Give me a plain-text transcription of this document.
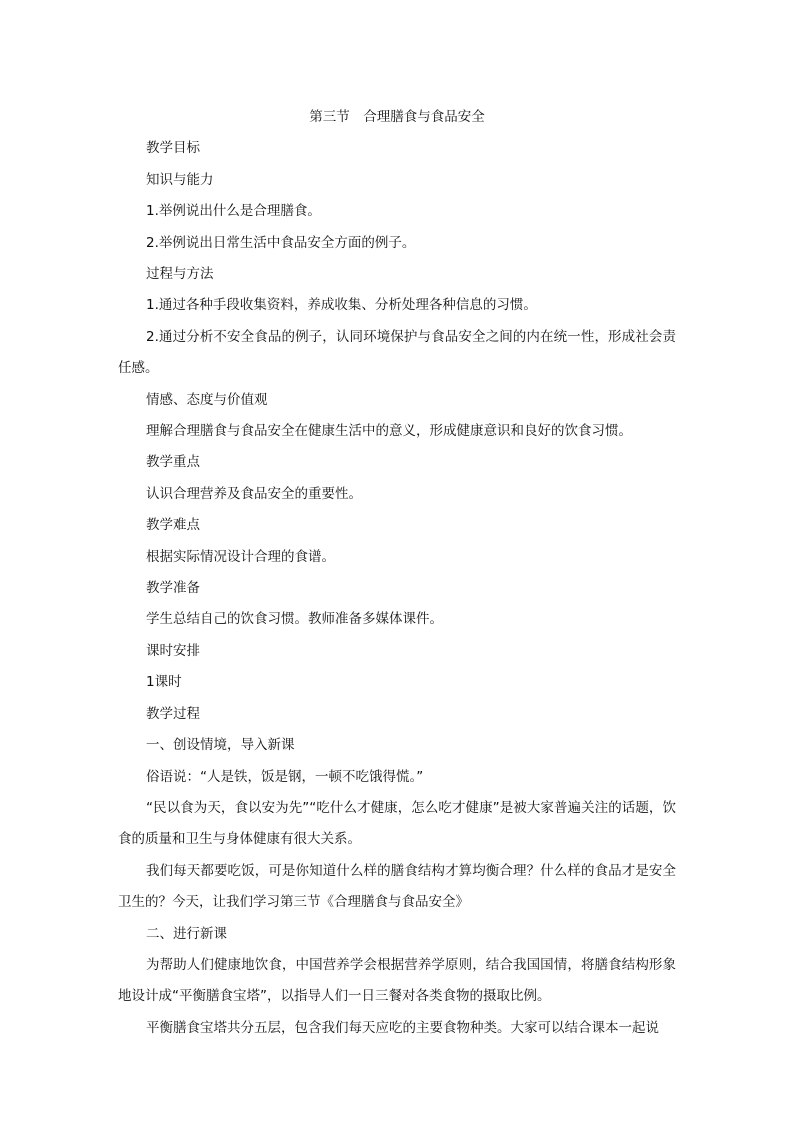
第三节　合理膳食与食品安全

教学目标

知识与能力

1.举例说出什么是合理膳食。

2.举例说出日常生活中食品安全方面的例子。

过程与方法

1.通过各种手段收集资料，养成收集、分析处理各种信息的习惯。

2.通过分析不安全食品的例子，认同环境保护与食品安全之间的内在统一性，形成社会责任感。

情感、态度与价值观

理解合理膳食与食品安全在健康生活中的意义，形成健康意识和良好的饮食习惯。

教学重点

认识合理营养及食品安全的重要性。

教学难点

根据实际情况设计合理的食谱。

教学准备

学生总结自己的饮食习惯。教师准备多媒体课件。

课时安排

1课时

教学过程

一、创设情境，导入新课

俗语说：“人是铁，饭是钢，一顿不吃饿得慌。”

“民以食为天，食以安为先”“吃什么才健康，怎么吃才健康”是被大家普遍关注的话题，饮食的质量和卫生与身体健康有很大关系。

我们每天都要吃饭，可是你知道什么样的膳食结构才算均衡合理？什么样的食品才是安全卫生的？今天，让我们学习第三节《合理膳食与食品安全》

二、进行新课

为帮助人们健康地饮食，中国营养学会根据营养学原则，结合我国国情，将膳食结构形象地设计成“平衡膳食宝塔”，以指导人们一日三餐对各类食物的摄取比例。

平衡膳食宝塔共分五层，包含我们每天应吃的主要食物种类。大家可以结合课本一起说
